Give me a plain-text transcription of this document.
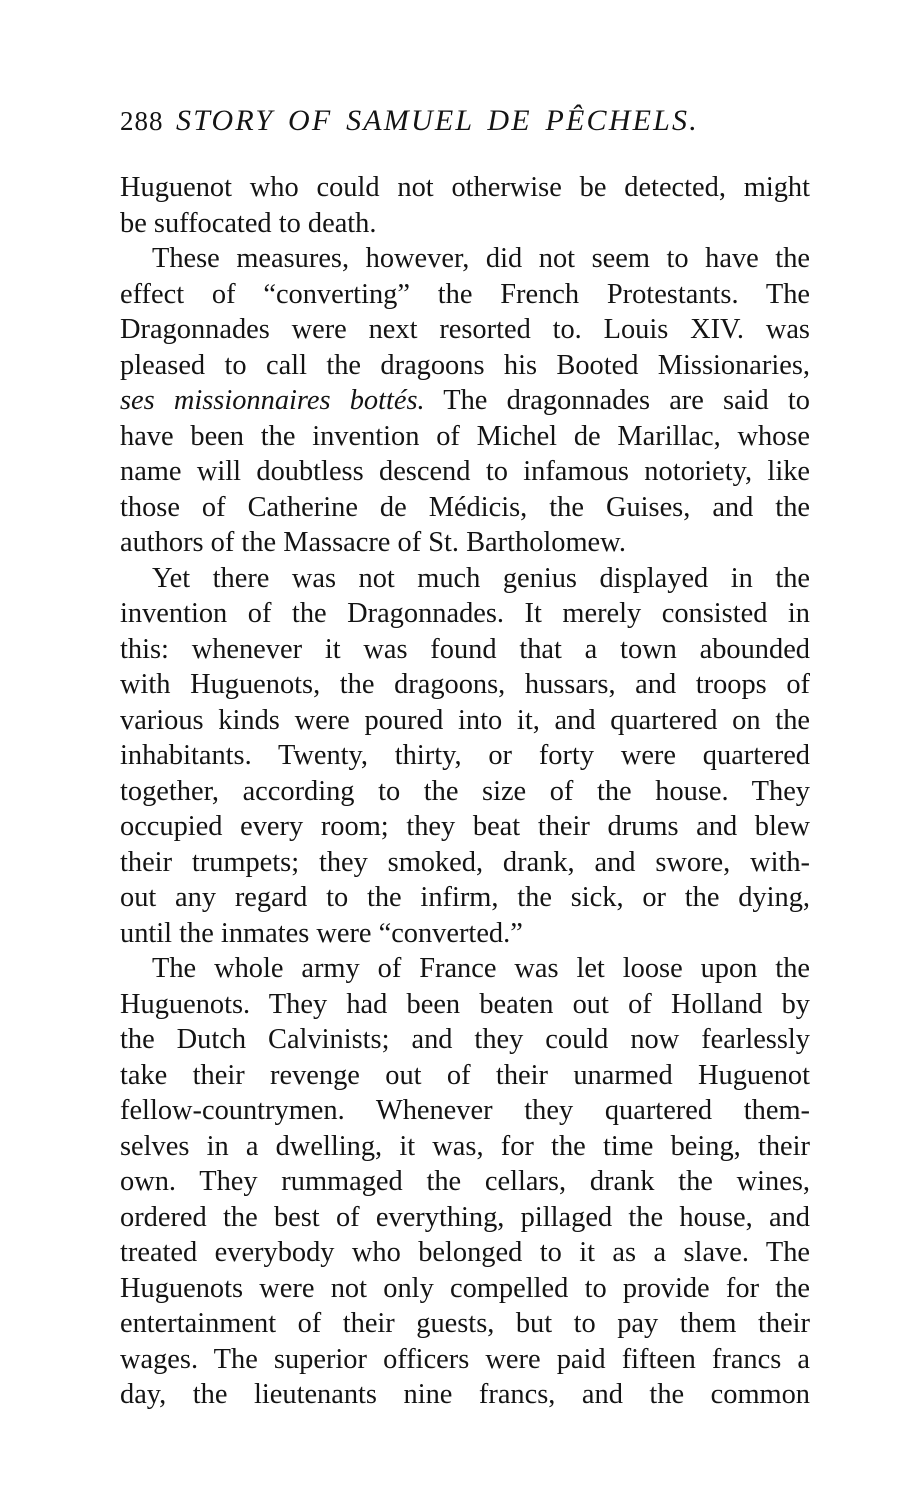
288 STORY OF SAMUEL DE PÊCHELS.
Huguenot who could not otherwise be detected, might
be suffocated to death.
These measures, however, did not seem to have the
effect of “converting” the French Protestants. The
Dragonnades were next resorted to. Louis XIV. was
pleased to call the dragoons his Booted Missionaries,
ses missionnaires bottés. The dragonnades are said to
have been the invention of Michel de Marillac, whose
name will doubtless descend to infamous notoriety, like
those of Catherine de Médicis, the Guises, and the
authors of the Massacre of St. Bartholomew.
Yet there was not much genius displayed in the
invention of the Dragonnades. It merely consisted in
this: whenever it was found that a town abounded
with Huguenots, the dragoons, hussars, and troops of
various kinds were poured into it, and quartered on the
inhabitants. Twenty, thirty, or forty were quartered
together, according to the size of the house. They
occupied every room; they beat their drums and blew
their trumpets; they smoked, drank, and swore, with-
out any regard to the infirm, the sick, or the dying,
until the inmates were “converted.”
The whole army of France was let loose upon the
Huguenots. They had been beaten out of Holland by
the Dutch Calvinists; and they could now fearlessly
take their revenge out of their unarmed Huguenot
fellow-countrymen. Whenever they quartered them-
selves in a dwelling, it was, for the time being, their
own. They rummaged the cellars, drank the wines,
ordered the best of everything, pillaged the house, and
treated everybody who belonged to it as a slave. The
Huguenots were not only compelled to provide for the
entertainment of their guests, but to pay them their
wages. The superior officers were paid fifteen francs a
day, the lieutenants nine francs, and the common
